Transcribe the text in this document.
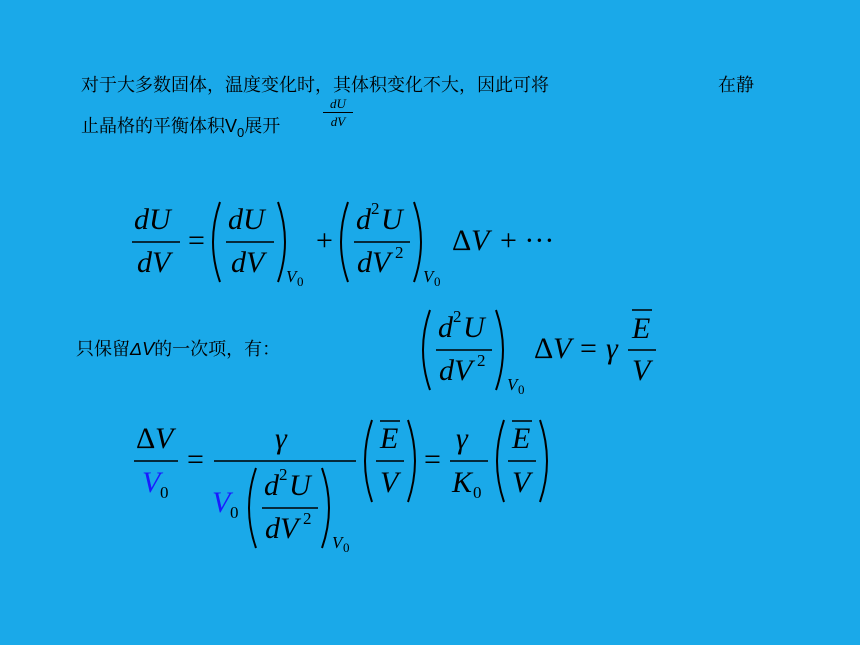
对于大多数固体，温度变化时，其体积变化不大，因此可将	在静
止晶格的平衡体积$V_0$展开	$\frac{dU}{dV}$
只保留ΔV的一次项，有：
dU
dV
=
dU
dV V 0
+
d 2 U
dV 2
V 0
Δ V + ···
d 2 U
dV 2
V 0
Δ V = γ
E
V
Δ V
V 0
=
γ
V 0
d 2 U
dV 2
V 0
E
V
=
γ
K 0
E
V
